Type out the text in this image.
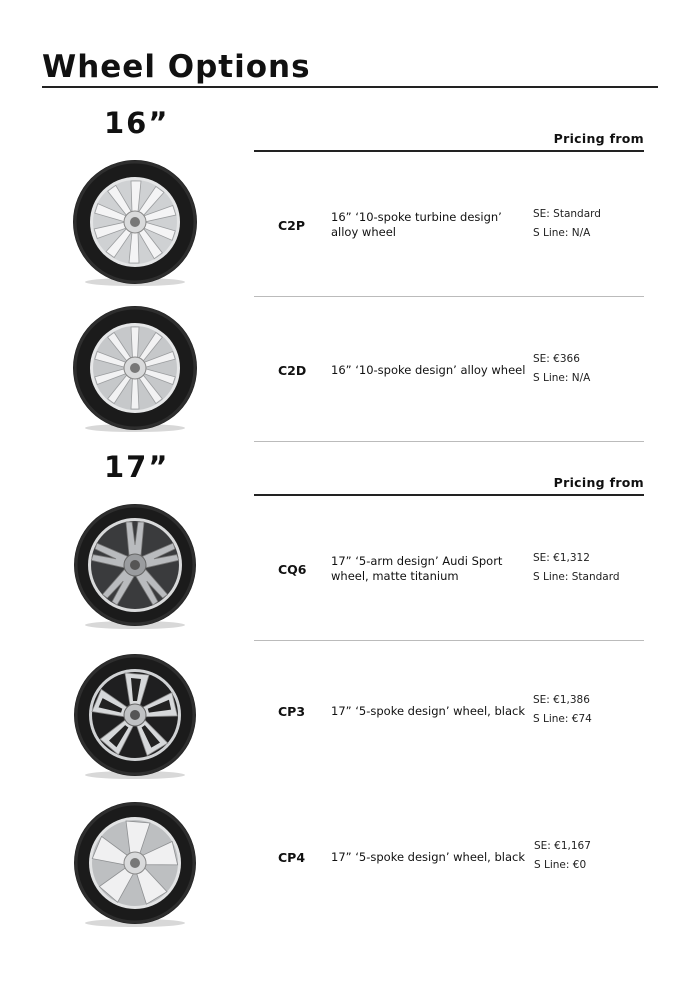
Wheel Options
16”	Pricing from
C2P
16” ‘10-spoke turbine design’ alloy wheel
SE: Standard
S Line: N/A
C2D 16” ‘10-spoke design’ alloy wheel
SE: €366
S Line: N/A
17”	Pricing from
CQ6
17” ‘5-arm design’ Audi Sport wheel, matte titanium
SE: €1,312
S Line: Standard
CP3 17” ‘5-spoke design’ wheel, black
SE: €1,386
S Line: €74
CP4 17” ‘5-spoke design’ wheel, black
SE: €1,167
S Line: €0
